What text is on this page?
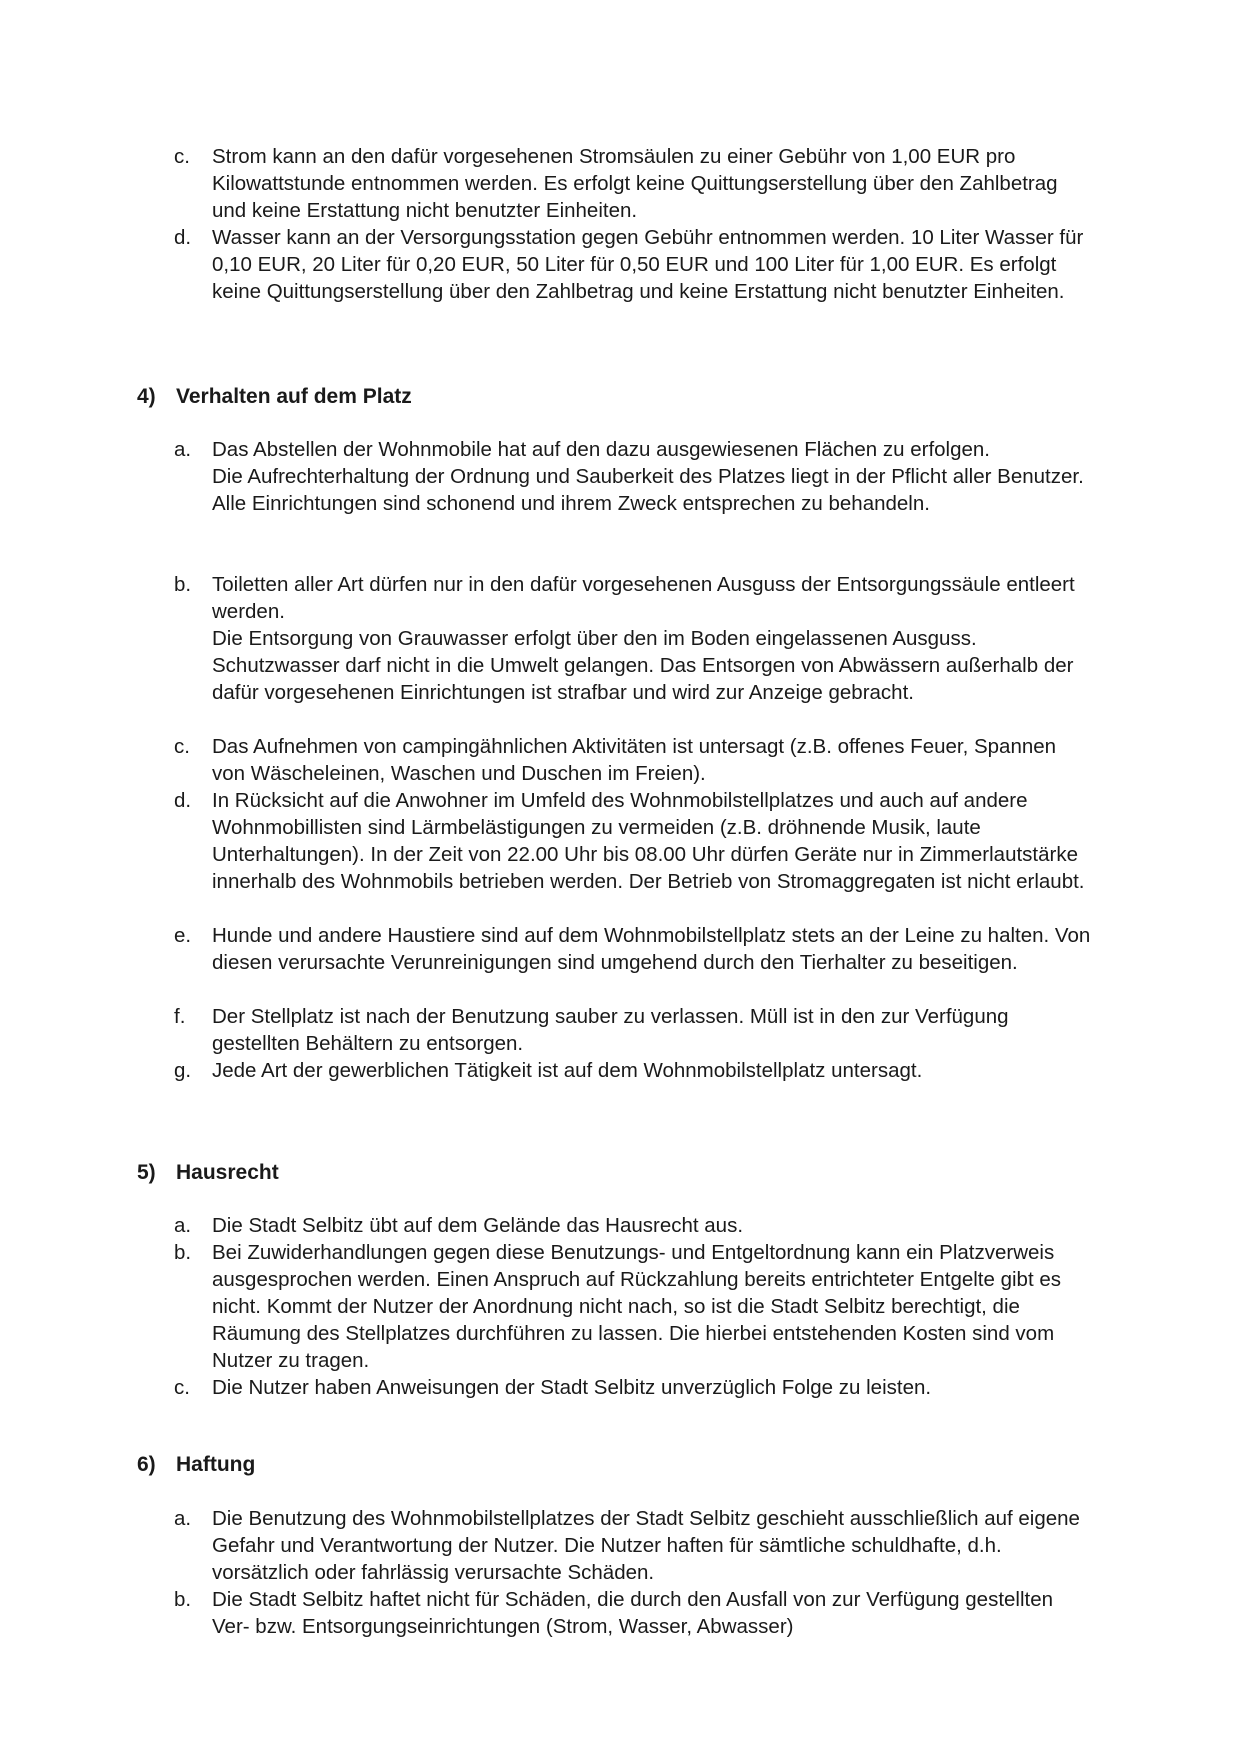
c.	Strom kann an den dafür vorgesehenen Stromsäulen zu einer Gebühr von 1,00 EUR pro Kilowattstunde entnommen werden. Es erfolgt keine Quittungserstellung über den Zahlbetrag und keine Erstattung nicht benutzter Einheiten.
d.	Wasser kann an der Versorgungsstation gegen Gebühr entnommen werden. 10 Liter Wasser für 0,10 EUR, 20 Liter für 0,20 EUR, 50 Liter für 0,50 EUR und 100 Liter für 1,00 EUR. Es erfolgt keine Quittungserstellung über den Zahlbetrag und keine Erstattung nicht benutzter Einheiten.
4) Verhalten auf dem Platz
a.	Das Abstellen der Wohnmobile hat auf den dazu ausgewiesenen Flächen zu erfolgen.
Die Aufrechterhaltung der Ordnung und Sauberkeit des Platzes liegt in der Pflicht aller Benutzer. Alle Einrichtungen sind schonend und ihrem Zweck entsprechen zu behandeln.
b.	Toiletten aller Art dürfen nur in den dafür vorgesehenen Ausguss der Entsorgungssäule entleert werden.
Die Entsorgung von Grauwasser erfolgt über den im Boden eingelassenen Ausguss. Schutzwasser darf nicht in die Umwelt gelangen. Das Entsorgen von Abwässern außerhalb der dafür vorgesehenen Einrichtungen ist strafbar und wird zur Anzeige gebracht.
c.	Das Aufnehmen von campingähnlichen Aktivitäten ist untersagt (z.B. offenes Feuer, Spannen von Wäscheleinen, Waschen und Duschen im Freien).
d.	In Rücksicht auf die Anwohner im Umfeld des Wohnmobilstellplatzes und auch auf andere Wohnmobillisten sind Lärmbelästigungen zu vermeiden (z.B. dröhnende Musik, laute Unterhaltungen). In der Zeit von 22.00 Uhr bis 08.00 Uhr dürfen Geräte nur in Zimmerlautstärke innerhalb des Wohnmobils betrieben werden. Der Betrieb von Stromaggregaten ist nicht erlaubt.
e.	Hunde und andere Haustiere sind auf dem Wohnmobilstellplatz stets an der Leine zu halten. Von diesen verursachte Verunreinigungen sind umgehend durch den Tierhalter zu beseitigen.
f.	Der Stellplatz ist nach der Benutzung sauber zu verlassen. Müll ist in den zur Verfügung gestellten Behältern zu entsorgen.
g.	Jede Art der gewerblichen Tätigkeit ist auf dem Wohnmobilstellplatz untersagt.
5) Hausrecht
a.	Die Stadt Selbitz übt auf dem Gelände das Hausrecht aus.
b.	Bei Zuwiderhandlungen gegen diese Benutzungs- und Entgeltordnung kann ein Platzverweis ausgesprochen werden. Einen Anspruch auf Rückzahlung bereits entrichteter Entgelte gibt es nicht. Kommt der Nutzer der Anordnung nicht nach, so ist die Stadt Selbitz berechtigt, die Räumung des Stellplatzes durchführen zu lassen. Die hierbei entstehenden Kosten sind vom Nutzer zu tragen.
c.	Die Nutzer haben Anweisungen der Stadt Selbitz unverzüglich Folge zu leisten.
6) Haftung
a.	Die Benutzung des Wohnmobilstellplatzes der Stadt Selbitz geschieht ausschließlich auf eigene Gefahr und Verantwortung der Nutzer. Die Nutzer haften für sämtliche schuldhafte, d.h. vorsätzlich oder fahrlässig verursachte Schäden.
b.	Die Stadt Selbitz haftet nicht für Schäden, die durch den Ausfall von zur Verfügung gestellten Ver- bzw. Entsorgungseinrichtungen (Strom, Wasser, Abwasser)
